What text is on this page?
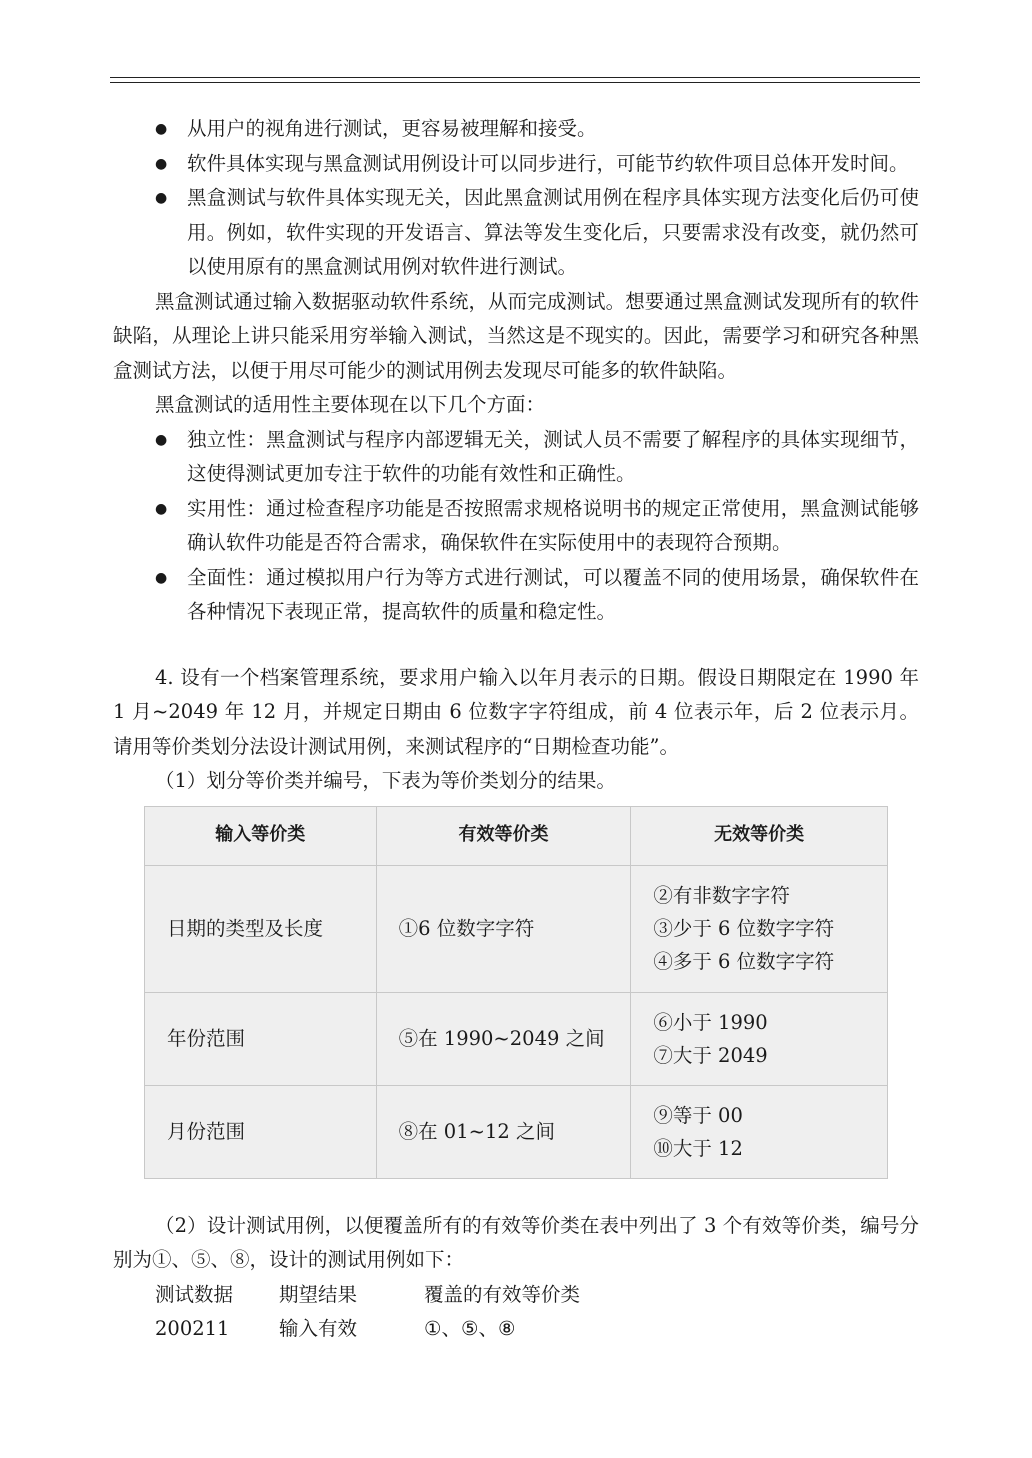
● 从用户的视角进行测试，更容易被理解和接受。
● 软件具体实现与黑盒测试用例设计可以同步进行，可能节约软件项目总体开发时间。
● 黑盒测试与软件具体实现无关，因此黑盒测试用例在程序具体实现方法变化后仍可使用。例如，软件实现的开发语言、算法等发生变化后，只要需求没有改变，就仍然可以使用原有的黑盒测试用例对软件进行测试。
黑盒测试通过输入数据驱动软件系统，从而完成测试。想要通过黑盒测试发现所有的软件缺陷，从理论上讲只能采用穷举输入测试，当然这是不现实的。因此，需要学习和研究各种黑盒测试方法，以便于用尽可能少的测试用例去发现尽可能多的软件缺陷。
黑盒测试的适用性主要体现在以下几个方面：
● 独立性：黑盒测试与程序内部逻辑无关，测试人员不需要了解程序的具体实现细节，这使得测试更加专注于软件的功能有效性和正确性。
● 实用性：通过检查程序功能是否按照需求规格说明书的规定正常使用，黑盒测试能够确认软件功能是否符合需求，确保软件在实际使用中的表现符合预期。
● 全面性：通过模拟用户行为等方式进行测试，可以覆盖不同的使用场景，确保软件在各种情况下表现正常，提高软件的质量和稳定性。
4. 设有一个档案管理系统，要求用户输入以年月表示的日期。假设日期限定在 1990 年 1 月~2049 年 12 月，并规定日期由 6 位数字字符组成，前 4 位表示年，后 2 位表示月。请用等价类划分法设计测试用例，来测试程序的“日期检查功能”。
（1）划分等价类并编号，下表为等价类划分的结果。
输入等价类	有效等价类	无效等价类
日期的类型及长度	①6 位数字字符	②有非数字字符
③少于 6 位数字字符
④多于 6 位数字字符

年份范围	⑤在 1990~2049 之间	⑥小于 1990
⑦大于 2049

月份范围	⑧在 01~12 之间	⑨等于 00
⑩大于 12
（2）设计测试用例，以便覆盖所有的有效等价类在表中列出了 3 个有效等价类，编号分别为①、⑤、⑧，设计的测试用例如下：
测试数据	期望结果	覆盖的有效等价类
200211	输入有效	①、⑤、⑧
